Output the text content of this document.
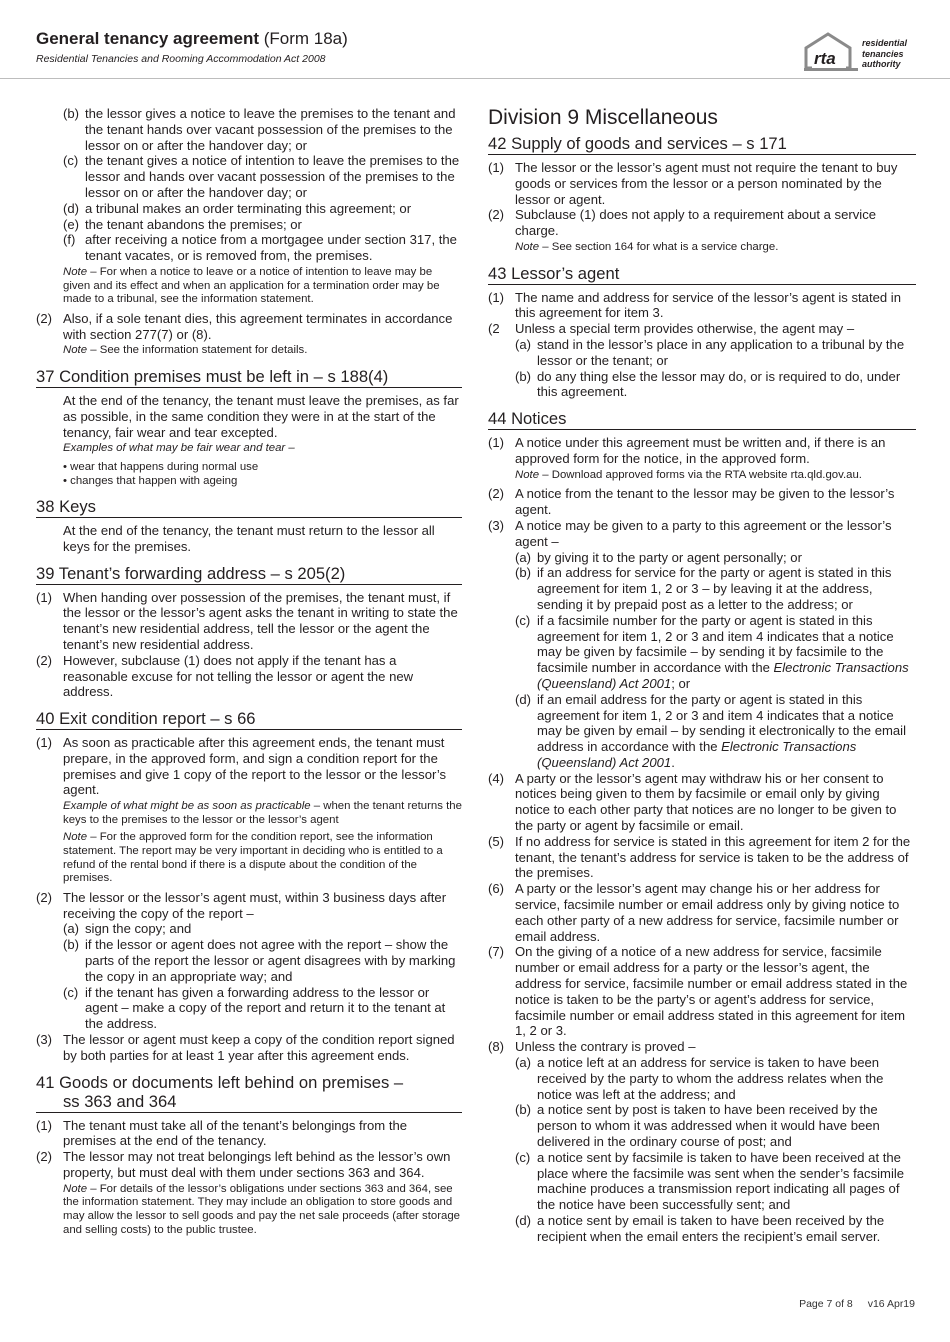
General tenancy agreement (Form 18a)
Residential Tenancies and Rooming Accommodation Act 2008	rta
residential
tenancies
authority
(b) the lessor gives a notice to leave the premises to the tenant and the tenant hands over vacant possession of the premises to the lessor on or after the handover day; or
(c) the tenant gives a notice of intention to leave the premises to the lessor and hands over vacant possession of the premises to the lessor on or after the handover day; or
(d) a tribunal makes an order terminating this agreement; or
(e) the tenant abandons the premises; or
(f) after receiving a notice from a mortgagee under section 317, the tenant vacates, or is removed from, the premises.
Note – For when a notice to leave or a notice of intention to leave may be given and its effect and when an application for a termination order may be made to a tribunal, see the information statement.
(2) Also, if a sole tenant dies, this agreement terminates in accordance with section 277(7) or (8).
Note – See the information statement for details.
37 Condition premises must be left in – s 188(4)
At the end of the tenancy, the tenant must leave the premises, as far as possible, in the same condition they were in at the start of the tenancy, fair wear and tear excepted.
Examples of what may be fair wear and tear –
• wear that happens during normal use
• changes that happen with ageing
38 Keys
At the end of the tenancy, the tenant must return to the lessor all keys for the premises.
39 Tenant’s forwarding address – s 205(2)
(1) When handing over possession of the premises, the tenant must, if the lessor or the lessor’s agent asks the tenant in writing to state the tenant’s new residential address, tell the lessor or the agent the tenant’s new residential address.
(2) However, subclause (1) does not apply if the tenant has a reasonable excuse for not telling the lessor or agent the new address.
40 Exit condition report – s 66
(1) As soon as practicable after this agreement ends, the tenant must prepare, in the approved form, and sign a condition report for the premises and give 1 copy of the report to the lessor or the lessor’s agent.
Example of what might be as soon as practicable – when the tenant returns the keys to the premises to the lessor or the lessor’s agent
Note – For the approved form for the condition report, see the information statement. The report may be very important in deciding who is entitled to a refund of the rental bond if there is a dispute about the condition of the premises.
(2) The lessor or the lessor’s agent must, within 3 business days after receiving the copy of the report –
(a) sign the copy; and
(b) if the lessor or agent does not agree with the report – show the parts of the report the lessor or agent disagrees with by marking the copy in an appropriate way; and
(c) if the tenant has given a forwarding address to the lessor or agent – make a copy of the report and return it to the tenant at the address.
(3) The lessor or agent must keep a copy of the condition report signed by both parties for at least 1 year after this agreement ends.
41 Goods or documents left behind on premises –
ss 363 and 364
(1) The tenant must take all of the tenant’s belongings from the premises at the end of the tenancy.
(2) The lessor may not treat belongings left behind as the lessor’s own property, but must deal with them under sections 363 and 364.
Note – For details of the lessor’s obligations under sections 363 and 364, see the information statement. They may include an obligation to store goods and may allow the lessor to sell goods and pay the net sale proceeds (after storage and selling costs) to the public trustee.
Division 9 Miscellaneous
42 Supply of goods and services – s 171
(1) The lessor or the lessor’s agent must not require the tenant to buy goods or services from the lessor or a person nominated by the lessor or agent.
(2) Subclause (1) does not apply to a requirement about a service charge.
Note – See section 164 for what is a service charge.
43 Lessor’s agent
(1) The name and address for service of the lessor’s agent is stated in this agreement for item 3.
(2 Unless a special term provides otherwise, the agent may –
(a) stand in the lessor’s place in any application to a tribunal by the lessor or the tenant; or
(b) do any thing else the lessor may do, or is required to do, under this agreement.
44 Notices
(1) A notice under this agreement must be written and, if there is an approved form for the notice, in the approved form.
Note – Download approved forms via the RTA website rta.qld.gov.au.
(2) A notice from the tenant to the lessor may be given to the lessor’s agent.
(3) A notice may be given to a party to this agreement or the lessor’s agent –
(a) by giving it to the party or agent personally; or
(b) if an address for service for the party or agent is stated in this agreement for item 1, 2 or 3 – by leaving it at the address, sending it by prepaid post as a letter to the address; or
(c) if a facsimile number for the party or agent is stated in this agreement for item 1, 2 or 3 and item 4 indicates that a notice may be given by facsimile – by sending it by facsimile to the facsimile number in accordance with the Electronic Transactions (Queensland) Act 2001; or
(d) if an email address for the party or agent is stated in this agreement for item 1, 2 or 3 and item 4 indicates that a notice may be given by email – by sending it electronically to the email address in accordance with the Electronic Transactions (Queensland) Act 2001.
(4) A party or the lessor’s agent may withdraw his or her consent to notices being given to them by facsimile or email only by giving notice to each other party that notices are no longer to be given to the party or agent by facsimile or email.
(5) If no address for service is stated in this agreement for item 2 for the tenant, the tenant’s address for service is taken to be the address of the premises.
(6) A party or the lessor’s agent may change his or her address for service, facsimile number or email address only by giving notice to each other party of a new address for service, facsimile number or email address.
(7) On the giving of a notice of a new address for service, facsimile number or email address for a party or the lessor’s agent, the address for service, facsimile number or email address stated in the notice is taken to be the party’s or agent’s address for service, facsimile number or email address stated in this agreement for item 1, 2 or 3.
(8) Unless the contrary is proved –
(a) a notice left at an address for service is taken to have been received by the party to whom the address relates when the notice was left at the address; and
(b) a notice sent by post is taken to have been received by the person to whom it was addressed when it would have been delivered in the ordinary course of post; and
(c) a notice sent by facsimile is taken to have been received at the place where the facsimile was sent when the sender’s facsimile machine produces a transmission report indicating all pages of the notice have been successfully sent; and
(d) a notice sent by email is taken to have been received by the recipient when the email enters the recipient’s email server.
Page 7 of 8 v16 Apr19
